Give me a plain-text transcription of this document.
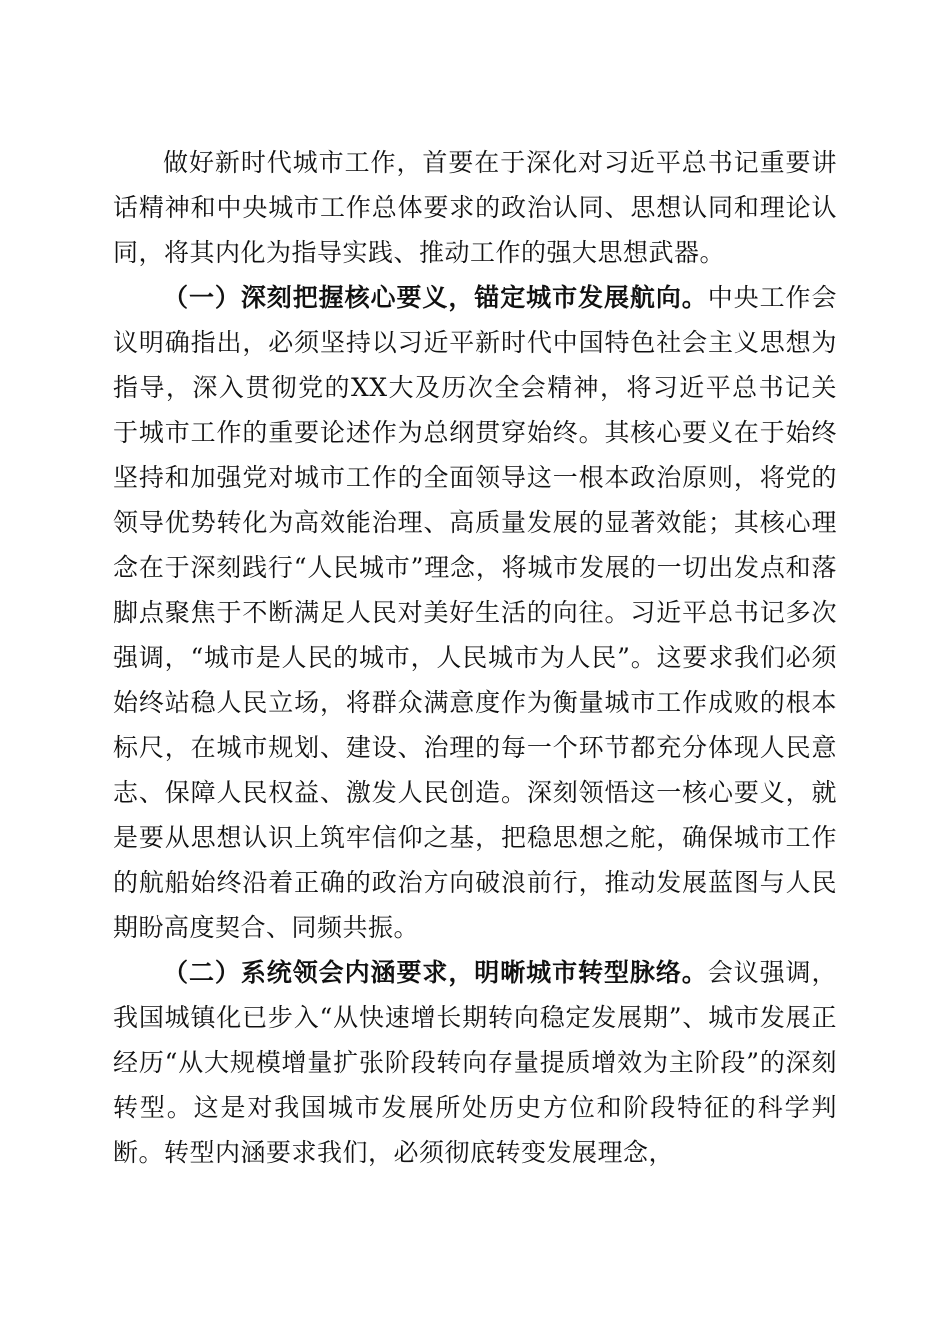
做好新时代城市工作，首要在于深化对习近平总书记重要讲话精神和中央城市工作总体要求的政治认同、思想认同和理论认同，将其内化为指导实践、推动工作的强大思想武器。

（一）深刻把握核心要义，锚定城市发展航向。中央工作会议明确指出，必须坚持以习近平新时代中国特色社会主义思想为指导，深入贯彻党的XX大及历次全会精神，将习近平总书记关于城市工作的重要论述作为总纲贯穿始终。其核心要义在于始终坚持和加强党对城市工作的全面领导这一根本政治原则，将党的领导优势转化为高效能治理、高质量发展的显著效能；其核心理念在于深刻践行“人民城市”理念，将城市发展的一切出发点和落脚点聚焦于不断满足人民对美好生活的向往。习近平总书记多次强调，“城市是人民的城市，人民城市为人民”。这要求我们必须始终站稳人民立场，将群众满意度作为衡量城市工作成败的根本标尺，在城市规划、建设、治理的每一个环节都充分体现人民意志、保障人民权益、激发人民创造。深刻领悟这一核心要义，就是要从思想认识上筑牢信仰之基，把稳思想之舵，确保城市工作的航船始终沿着正确的政治方向破浪前行，推动发展蓝图与人民期盼高度契合、同频共振。

（二）系统领会内涵要求，明晰城市转型脉络。会议强调，我国城镇化已步入“从快速增长期转向稳定发展期”、城市发展正经历“从大规模增量扩张阶段转向存量提质增效为主阶段”的深刻转型。这是对我国城市发展所处历史方位和阶段特征的科学判断。转型内涵要求我们，必须彻底转变发展理念，
